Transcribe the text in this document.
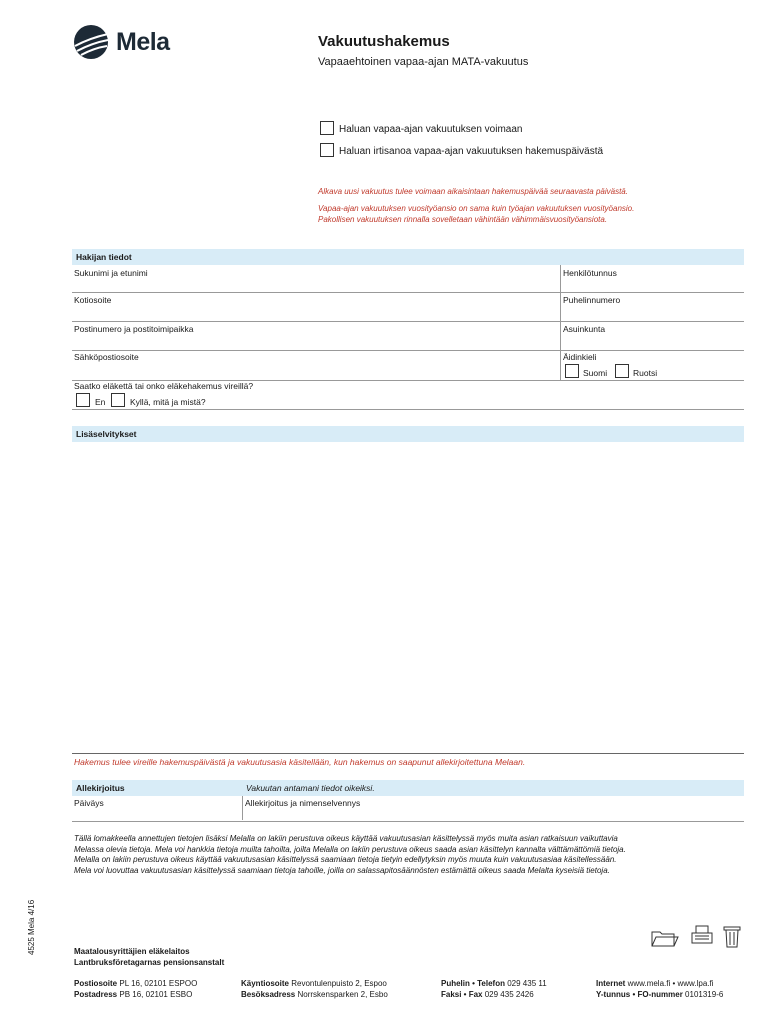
Mela	Vakuutushakemus
Vapaaehtoinen vapaa-ajan MATA-vakuutus
Haluan vapaa-ajan vakuutuksen voimaan
Haluan irtisanoa vapaa-ajan vakuutuksen hakemuspäivästä
Alkava uusi vakuutus tulee voimaan aikaisintaan hakemuspäivää seuraavasta päivästä.
Vapaa-ajan vakuutuksen vuosityöansio on sama kuin työajan vakuutuksen vuosityöansio.
Pakollisen vakuutuksen rinnalla sovelletaan vähintään vähimmäisvuosityöansiota.
Hakijan tiedot
Sukunimi ja etunimi	Henkilötunnus
Kotiosoite	Puhelinnumero
Postinumero ja postitoimipaikka	Asuinkunta
Sähköpostiosoite	Äidinkieli
Suomi	Ruotsi
Saatko eläkettä tai onko eläkehakemus vireillä?
En	Kyllä, mitä ja mistä?
Lisäselvitykset
Hakemus tulee vireille hakemuspäivästä ja vakuutusasia käsitellään, kun hakemus on saapunut allekirjoitettuna Melaan.
Allekirjoitus	Vakuutan antamani tiedot oikeiksi.
Päiväys	Allekirjoitus ja nimenselvennys
Tällä lomakkeella annettujen tietojen lisäksi Melalla on lakiin perustuva oikeus käyttää vakuutusasian käsittelyssä myös muita asian ratkaisuun vaikuttavia
Melassa olevia tietoja. Mela voi hankkia tietoja muilta tahoilta, joilta Melalla on lakiin perustuva oikeus saada asian käsittelyn kannalta välttämättömiä tietoja.
Melalla on lakiin perustuva oikeus käyttää vakuutusasian käsittelyssä saamiaan tietoja tietyin edellytyksin myös muuta kuin vakuutusasiaa käsitellessään.
Mela voi luovuttaa vakuutusasian käsittelyssä saamiaan tietoja tahoille, joilla on salassapitosäännösten estämättä oikeus saada Melalta kyseisiä tietoja.
4525 Mela 4/16	Maatalousyrittäjien eläkelaitos
Lantbruksföretagarnas pensionsanstalt
Postiosoite PL 16, 02101 ESPOO
Postadress PB 16, 02101 ESBO
Käyntiosoite Revontulenpuisto 2, Espoo
Besöksadress Norrskensparken 2, Esbo
Puhelin • Telefon 029 435 11
Faksi • Fax 029 435 2426
Internet www.mela.fi • www.lpa.fi
Y-tunnus • FO-nummer 0101319-6
